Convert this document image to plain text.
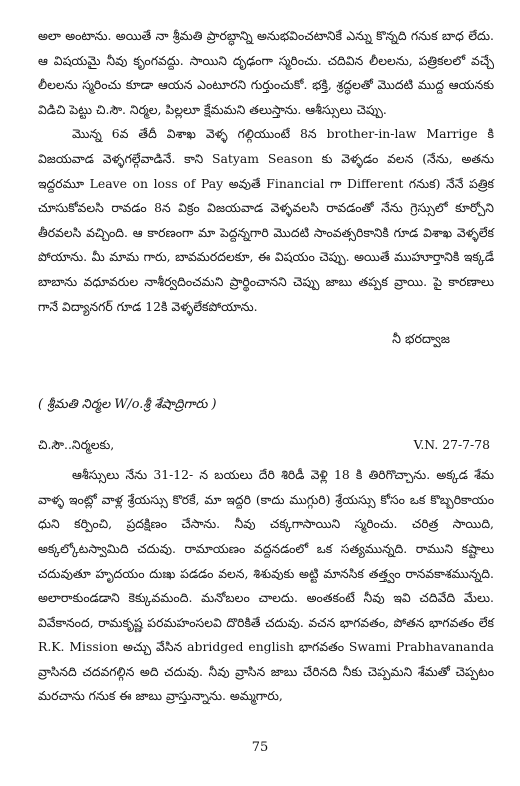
అలా అంటాను. అయితే నా శ్రీమతి ప్రారబ్ధాన్ని అనుభవించటానికే ఎన్ను కొన్నది గనుక బాధ లేదు. ఆ విషయమై నీవు కృంగవద్దు. సాయిని దృఢంగా స్మరించు. చదివిన లీలలను, పత్రికలలో వచ్చే లీలలను స్మరించు కూడా ఆయన ఎంటూరని గుర్తుంచుకో. భక్తి, శ్రద్ధలతో మొదటి ముద్ద ఆయనకు విడిచి పెట్టు చి.సౌ. నిర్మల, పిల్లలూ క్షేమమని తలుస్తాను. ఆశీస్సులు చెప్పు.

మొన్న 6వ తేదీ విశాఖ వెళ్ళ గల్గియుంటే 8న brother-in-law Marrige కి విజయవాడ వెళ్ళగల్గేవాడినే. కాని Satyam Season కు వెళ్ళడం వలన (నేను, అతను ఇద్దరమూ Leave on loss of Pay అవుతే Financial గా Different గనుక) నేనే పత్రిక చూసుకోవలసి రావడం 8న విక్రం విజయవాడ వెళ్ళవలసి రావడంతో నేను గ్రెస్సులో కూర్చోని తీరవలసి వచ్చింది. ఆ కారణంగా మా పెద్దన్నగారి మొదటి సాంవత్సరికానికి గూడ విశాఖ వెళ్ళలేక పోయాను. మీ మామ గారు, బావమరదలకూ, ఈ విషయం చెప్పు. అయితే ముహూర్తానికి ఇక్కడే బాబాను వధూవరుల నాశీర్వదించమని ప్రార్థించానని చెప్పు జాబు తప్పక వ్రాయి. పై కారణాలు గానే విద్యానగర్ గూడ 12కి వెళ్ళలేకపోయాను.

నీ భరద్వాజ
( శ్రీమతి నిర్మల W/o.శ్రీ శేషాద్రిగారు )
చి.సౌ..నిర్మలకు,	V.N. 27-7-78

ఆశీస్సులు నేను 31-12- న బయలు దేరి శిరిడీ వెళ్లి 18 కి తిరిగొచ్చాను. అక్కడ శేమ వాళ్ళ ఇంట్లో వాళ్ల శ్రేయస్సు కొరకే, మా ఇద్దరి (కాదు ముగ్గురి) శ్రేయస్సు కోసం ఒక కొబ్బరికాయం ధుని కర్పించి, ప్రదక్షిణం చేసాను. నీవు చక్కగాసాయిని స్మరించు. చరిత్ర సాయిది, అక్కల్కోటస్వామిది చదువు. రామాయణం వద్దనడంలో ఒక సత్యమున్నది. రాముని కష్టాలు చదువుతూ హృదయం దుఃఖ పడడం వలన, శిశువుకు అట్టి మానసిక తత్త్వం రానవకాశమున్నది. అలారాకుండడాని కెక్కువమంది. మనోబలం చాలదు. అంతకంటే నీవు ఇవి చదివేది మేలు. వివేకానంద, రామకృష్ణ పరమహంసలవి దొరికితే చదువు. వచన భాగవతం, పోతన భాగవతం లేక R.K. Mission అచ్చు వేసిన abridged english భాగవతం Swami Prabhavananda వ్రాసినది చదవగల్గిన అది చదువు. నీవు వ్రాసిన జాబు చేరినది నీకు చెప్పమని శేమతో చెప్పటం మరచాను గనుక ఈ జాబు వ్రాస్తున్నాను. అమ్మగారు,

75
